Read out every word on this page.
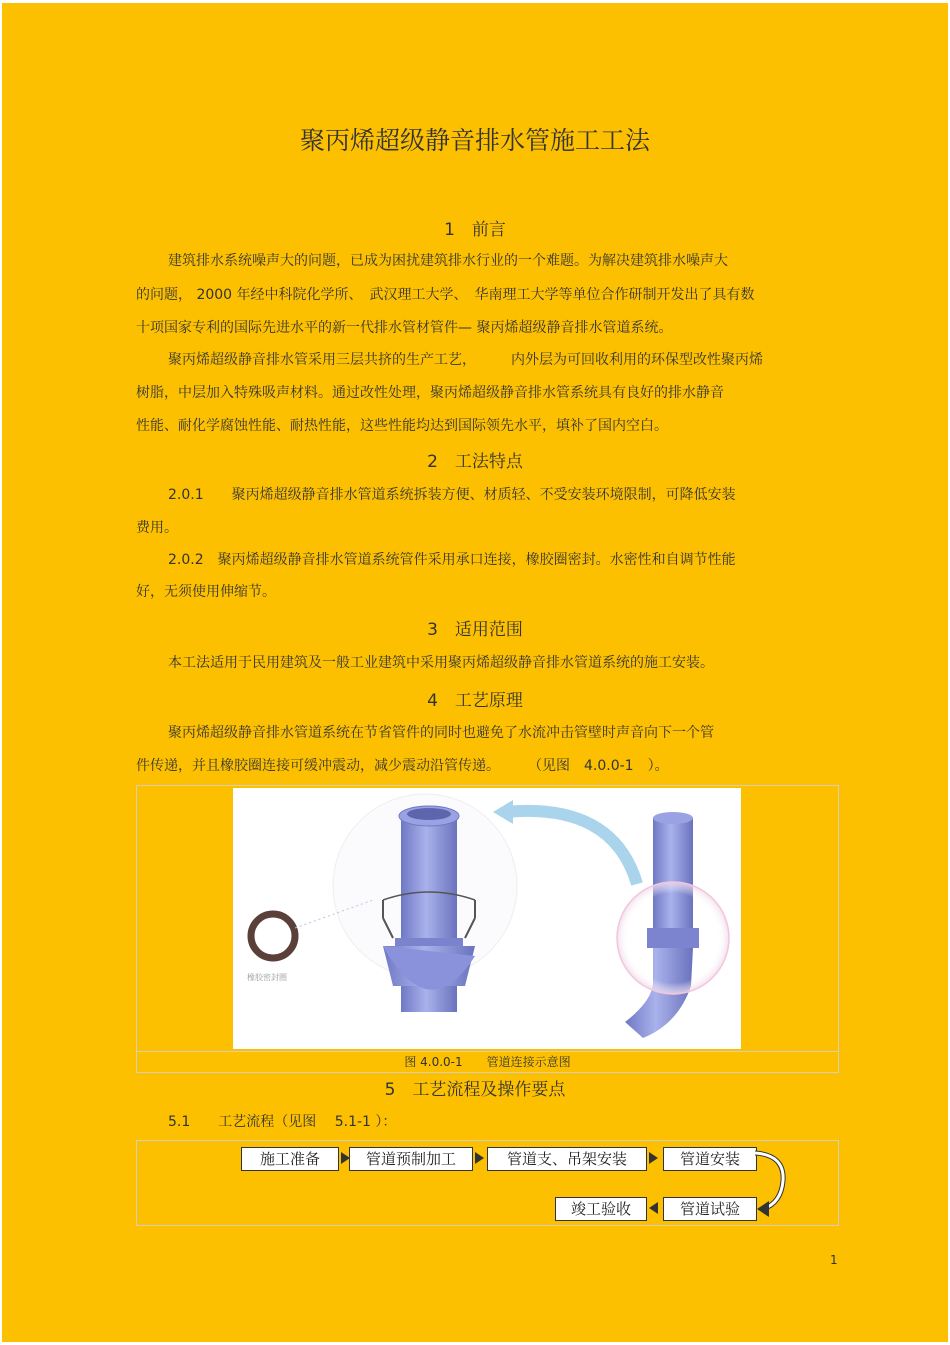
聚丙烯超级静音排水管施工工法
1　前言
建筑排水系统噪声大的问题，已成为困扰建筑排水行业的一个难题。为解决建筑排水噪声大
的问题， 2000 年经中科院化学所、　武汉理工大学、　华南理工大学等单位合作研制开发出了具有数
十项国家专利的国际先进水平的新一代排水管材管件— 聚丙烯超级静音排水管道系统。
聚丙烯超级静音排水管采用三层共挤的生产工艺，　　　内外层为可回收利用的环保型改性聚丙烯
树脂，中层加入特殊吸声材料。通过改性处理，聚丙烯超级静音排水管系统具有良好的排水静音
性能、耐化学腐蚀性能、耐热性能，这些性能均达到国际领先水平，填补了国内空白。
2　工法特点
2.0.1　　聚丙烯超级静音排水管道系统拆装方便、材质轻、不受安装环境限制，可降低安装
费用。
2.0.2　聚丙烯超级静音排水管道系统管件采用承口连接，橡胶圈密封。水密性和自调节性能
好，无须使用伸缩节。
3　适用范围
本工法适用于民用建筑及一般工业建筑中采用聚丙烯超级静音排水管道系统的施工安装。
4　工艺原理
聚丙烯超级静音排水管道系统在节省管件的同时也避免了水流冲击管壁时声音向下一个管
件传递，并且橡胶圈连接可缓冲震动，减少震动沿管传递。　　　（见图　4.0.0-1　）。
橡胶密封圈
图 4.0.0-1　　管道连接示意图
5　工艺流程及操作要点
5.1　　工艺流程（见图　 5.1-1 ）：
施工准备	管道预制加工	管道支、吊架安装	管道安装
管道试验
竣工验收
1
